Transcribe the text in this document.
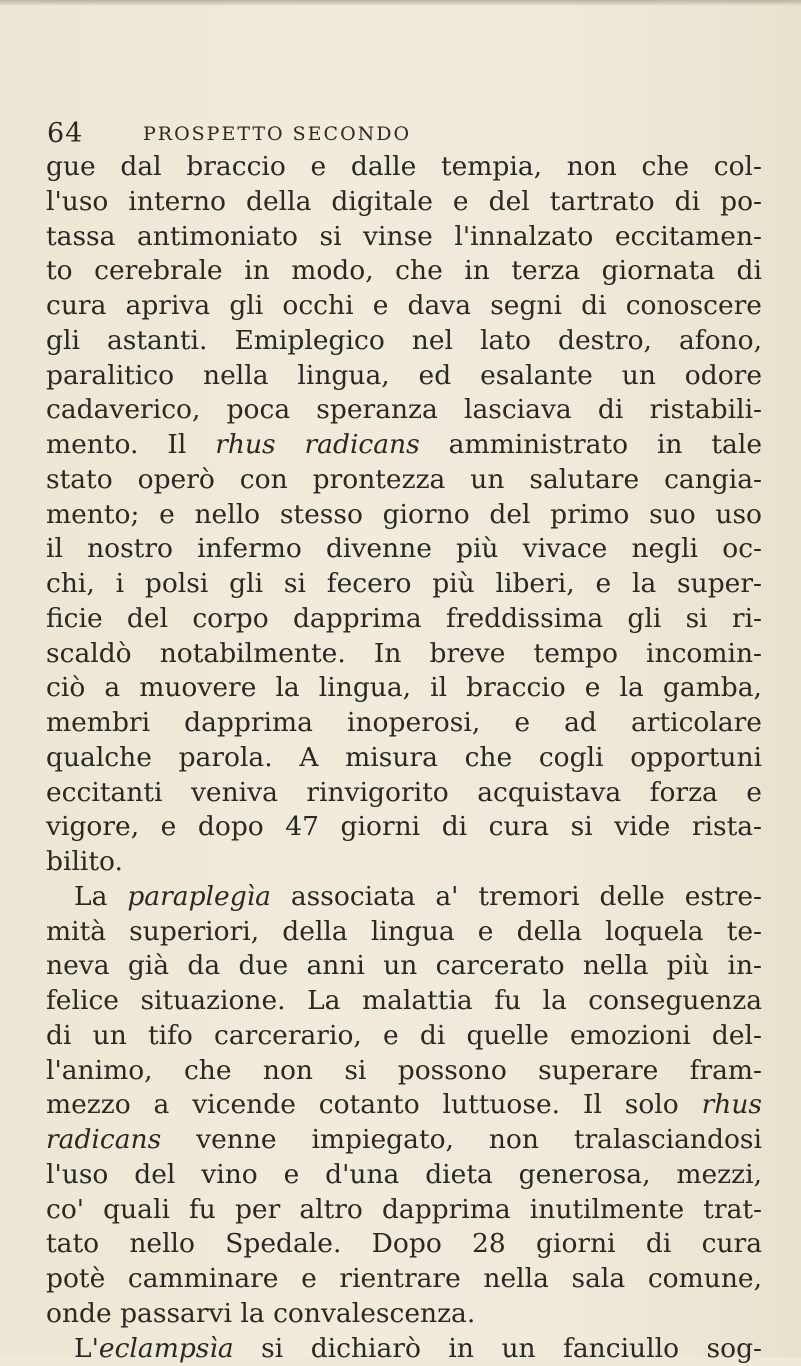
64	PROSPETTO SECONDO
gue dal braccio e dalle tempia, non che col-
l'uso interno della digitale e del tartrato di po-
tassa antimoniato si vinse l'innalzato eccitamen-
to cerebrale in modo, che in terza giornata di
cura apriva gli occhi e dava segni di conoscere
gli astanti. Emiplegico nel lato destro, afono,
paralitico nella lingua, ed esalante un odore
cadaverico, poca speranza lasciava di ristabili-
mento. Il rhus radicans amministrato in tale
stato operò con prontezza un salutare cangia-
mento; e nello stesso giorno del primo suo uso
il nostro infermo divenne più vivace negli oc-
chi, i polsi gli si fecero più liberi, e la super-
ficie del corpo dapprima freddissima gli si ri-
scaldò notabilmente. In breve tempo incomin-
ciò a muovere la lingua, il braccio e la gamba,
membri dapprima inoperosi, e ad articolare
qualche parola. A misura che cogli opportuni
eccitanti veniva rinvigorito acquistava forza e
vigore, e dopo 47 giorni di cura si vide rista-
bilito.
La paraplegìa associata a' tremori delle estre-
mità superiori, della lingua e della loquela te-
neva già da due anni un carcerato nella più in-
felice situazione. La malattia fu la conseguenza
di un tifo carcerario, e di quelle emozioni del-
l'animo, che non si possono superare fram-
mezzo a vicende cotanto luttuose. Il solo rhus
radicans venne impiegato, non tralasciandosi
l'uso del vino e d'una dieta generosa, mezzi,
co' quali fu per altro dapprima inutilmente trat-
tato nello Spedale. Dopo 28 giorni di cura
potè camminare e rientrare nella sala comune,
onde passarvi la convalescenza.
L'eclampsìa si dichiarò in un fanciullo sog-
